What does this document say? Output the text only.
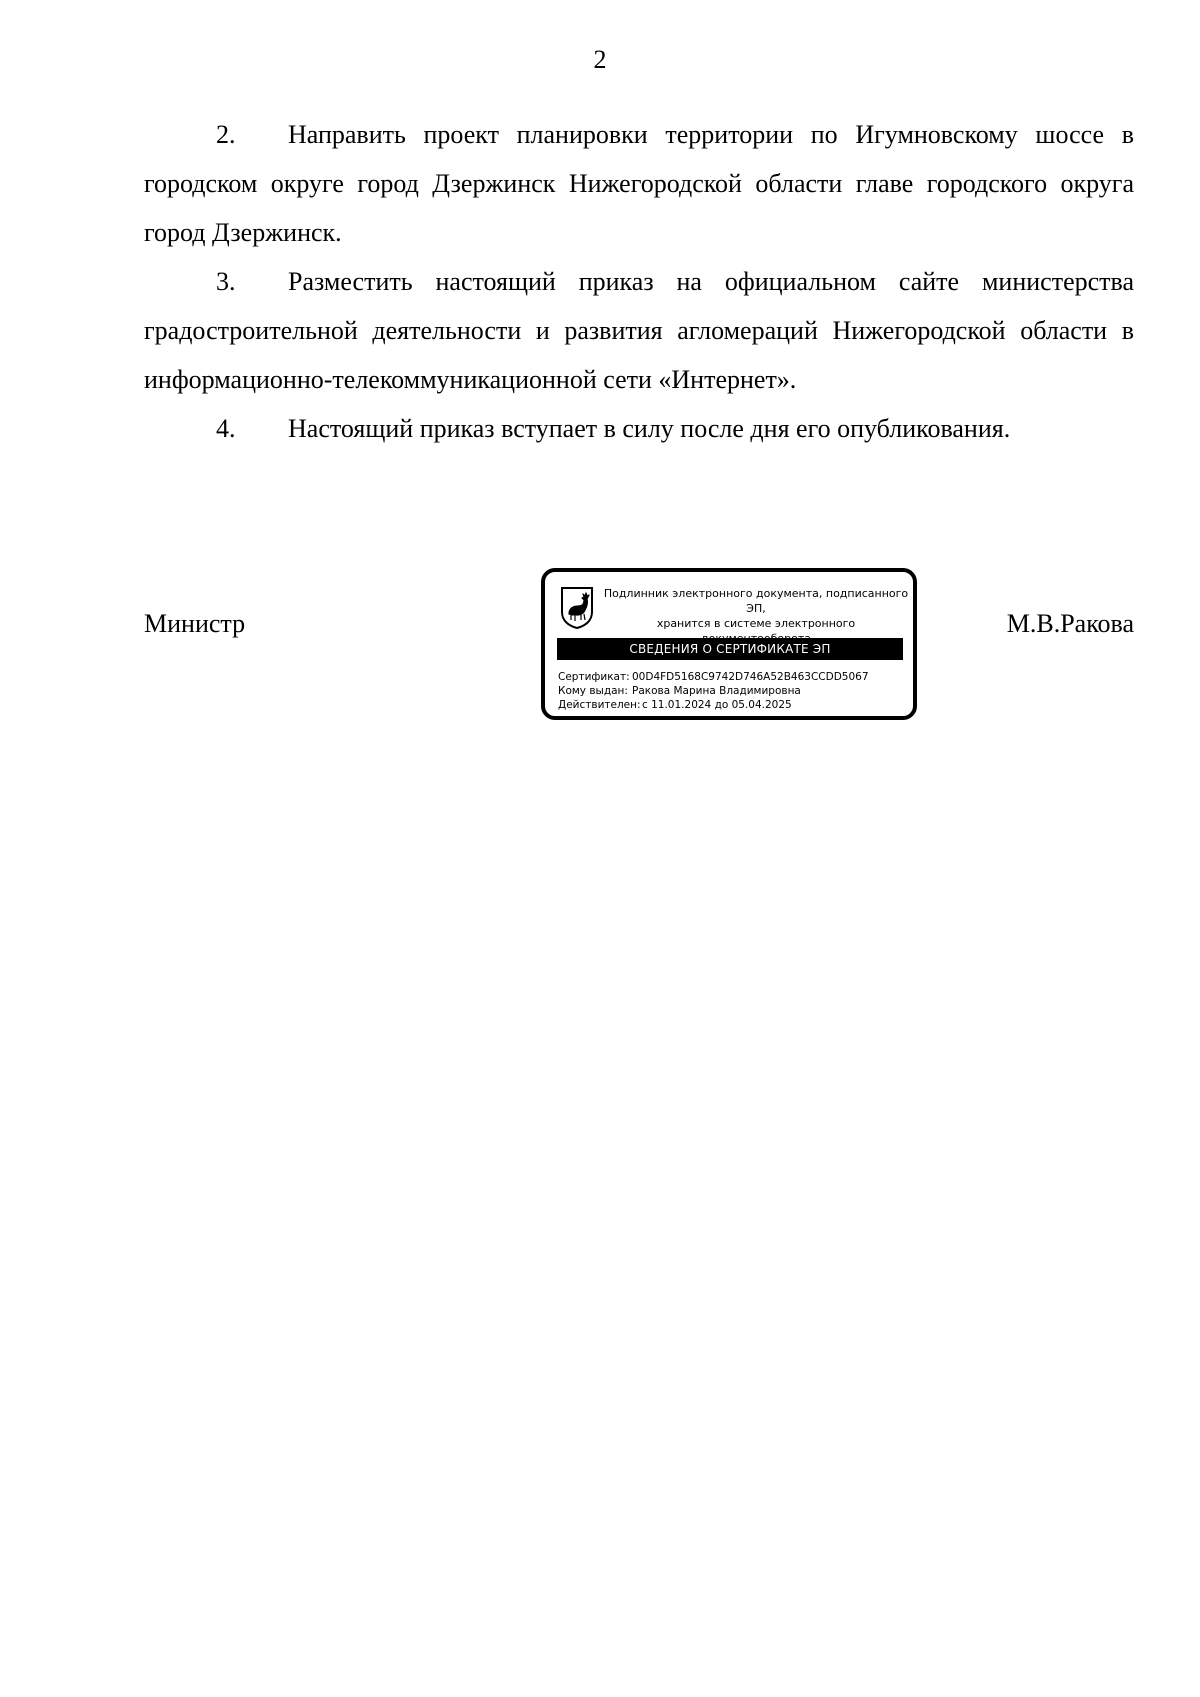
2

2. Направить проект планировки территории по Игумновскому шоссе в городском округе город Дзержинск Нижегородской области главе городского округа город Дзержинск.

3. Разместить настоящий приказ на официальном сайте министерства градостроительной деятельности и развития агломераций Нижегородской области в информационно-телекоммуникационной сети «Интернет».

4. Настоящий приказ вступает в силу после дня его опубликования.

Министр
Подлинник электронного документа, подписанного ЭП,
хранится в системе электронного
СВЕДЕНИЯ О СЕРТИФИКАТЕ ЭП
Сертификат: 00D4FD5168C9742D746A52B463CCDD5067
Кому выдан: Ракова Марина Владимировна
Действителен:с 11.01.2024 до 05.04.2025
М.В.Ракова
